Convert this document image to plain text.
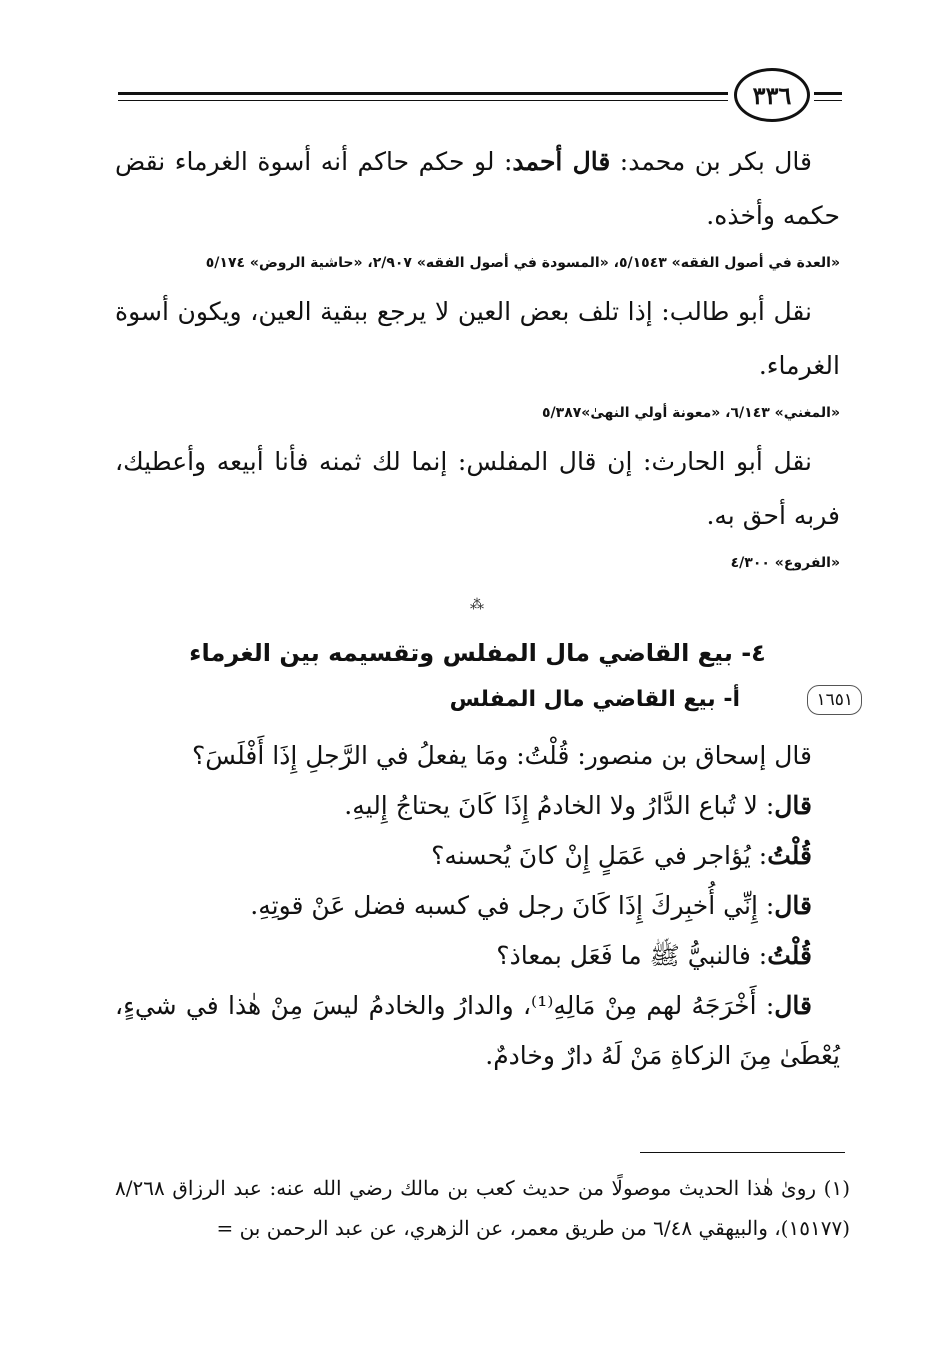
٣٣٦

قال بكر بن محمد: قال أحمد: لو حكم حاكم أنه أسوة الغرماء نقض حكمه وأخذه.

«العدة في أصول الفقه» ٥/١٥٤٣، «المسودة في أصول الفقه» ٢/٩٠٧، «حاشية الروض» ٥/١٧٤

نقل أبو طالب: إذا تلف بعض العين لا يرجع ببقية العين، ويكون أسوة الغرماء.

«المغني» ٦/١٤٣، «معونة أولي النهىٰ»٥/٣٨٧

نقل أبو الحارث: إن قال المفلس: إنما لك ثمنه فأنا أبيعه وأعطيك، فربه أحق به.

«الفروع» ٤/٣٠٠
⁂
٤- بيع القاضي مال المفلس وتقسيمه بين الغرماء
١٦٥١
أ- بيع القاضي مال المفلس

قال إسحاق بن منصور: قُلْتُ: ومَا يفعلُ في الرَّجلِ إِذَا أَفْلَسَ؟

قال: لا تُباع الدَّارُ ولا الخادمُ إِذَا كَانَ يحتاجُ إِليهِ.

قُلْتُ: يُؤاجر في عَمَلٍ إِنْ كانَ يُحسنه؟

قال: إِنِّي أُخبِركَ إِذَا كَانَ رجل في كسبه فضل عَنْ قوتِهِ.

قُلْتُ: فالنبيُّ ﷺ ما فَعَل بمعاذ؟

قال: أَخْرَجَهُ لهم مِنْ مَالِهِ⁽¹⁾، والدارُ والخادمُ ليسَ مِنْ هٰذا في شيءٍ، يُعْطَىٰ مِنَ الزكاةِ مَنْ لَهُ دارٌ وخادمٌ.

(١) رویٰ هٰذا الحديث موصولًا من حديث كعب بن مالك رضي الله عنه: عبد الرزاق ٨/٢٦٨ (١٥١٧٧)، والبيهقي ٦/٤٨ من طريق معمر، عن الزهري، عن عبد الرحمن بن =
